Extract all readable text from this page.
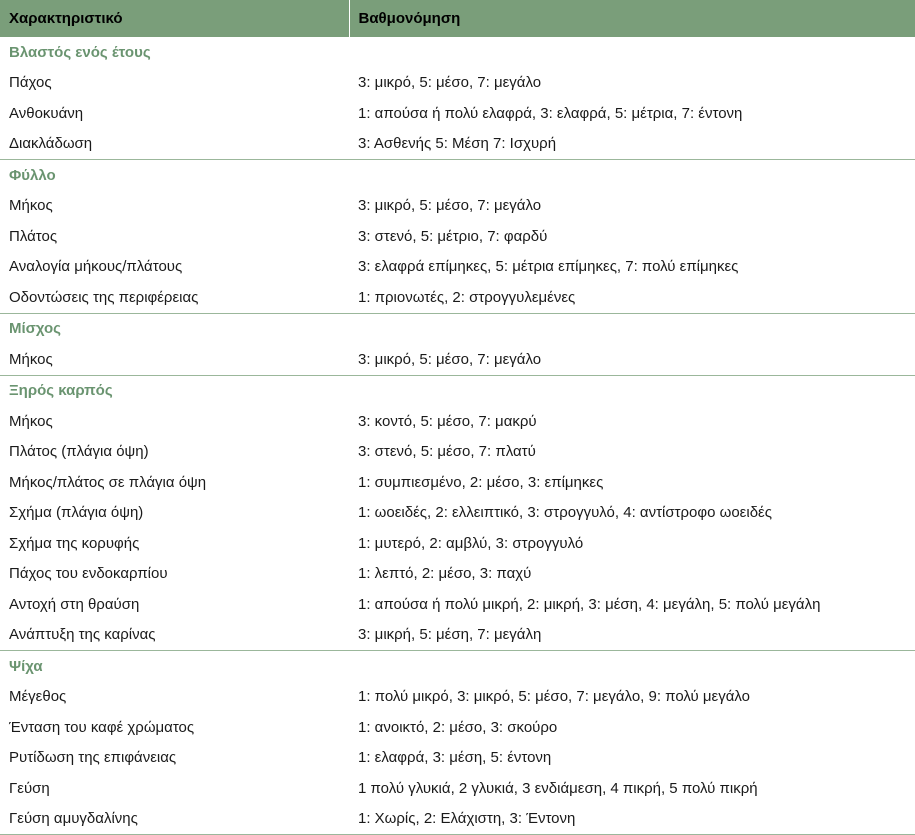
Χαρακτηριστικό	Βαθμονόμηση
Βλαστός ενός έτους	
Πάχος	3: μικρό, 5: μέσο, 7: μεγάλο
Ανθοκυάνη	1: απούσα ή πολύ ελαφρά, 3: ελαφρά, 5: μέτρια, 7: έντονη
Διακλάδωση	3: Ασθενής 5: Μέση 7: Ισχυρή
Φύλλο	
Μήκος	3: μικρό, 5: μέσο, 7: μεγάλο
Πλάτος	3: στενό, 5: μέτριο, 7: φαρδύ
Αναλογία μήκους/πλάτους	3: ελαφρά επίμηκες, 5: μέτρια επίμηκες, 7: πολύ επίμηκες
Οδοντώσεις της περιφέρειας	1: πριονωτές, 2: στρογγυλεμένες
Μίσχος	
Μήκος	3: μικρό, 5: μέσο, 7: μεγάλο
Ξηρός καρπός	
Μήκος	3: κοντό, 5: μέσο, 7: μακρύ
Πλάτος (πλάγια όψη)	3: στενό, 5: μέσο, 7: πλατύ
Μήκος/πλάτος σε πλάγια όψη	1: συμπιεσμένο, 2: μέσο, 3: επίμηκες
Σχήμα (πλάγια όψη)	1: ωοειδές, 2: ελλειπτικό, 3: στρογγυλό, 4: αντίστροφο ωοειδές
Σχήμα της κορυφής	1: μυτερό, 2: αμβλύ, 3: στρογγυλό
Πάχος του ενδοκαρπίου	1: λεπτό, 2: μέσο, 3: παχύ
Αντοχή στη θραύση	1: απούσα ή πολύ μικρή, 2: μικρή, 3: μέση, 4: μεγάλη, 5: πολύ μεγάλη
Ανάπτυξη της καρίνας	3: μικρή, 5: μέση, 7: μεγάλη
Ψίχα	
Μέγεθος	1: πολύ μικρό, 3: μικρό, 5: μέσο, 7: μεγάλο, 9: πολύ μεγάλο
Ένταση του καφέ χρώματος	1: ανοικτό, 2: μέσο, 3: σκούρο
Ρυτίδωση της επιφάνειας	1: ελαφρά, 3: μέση, 5: έντονη
Γεύση	1 πολύ γλυκιά, 2 γλυκιά, 3 ενδιάμεση, 4 πικρή, 5 πολύ πικρή
Γεύση αμυγδαλίνης	1: Χωρίς, 2: Ελάχιστη, 3: Έντονη
